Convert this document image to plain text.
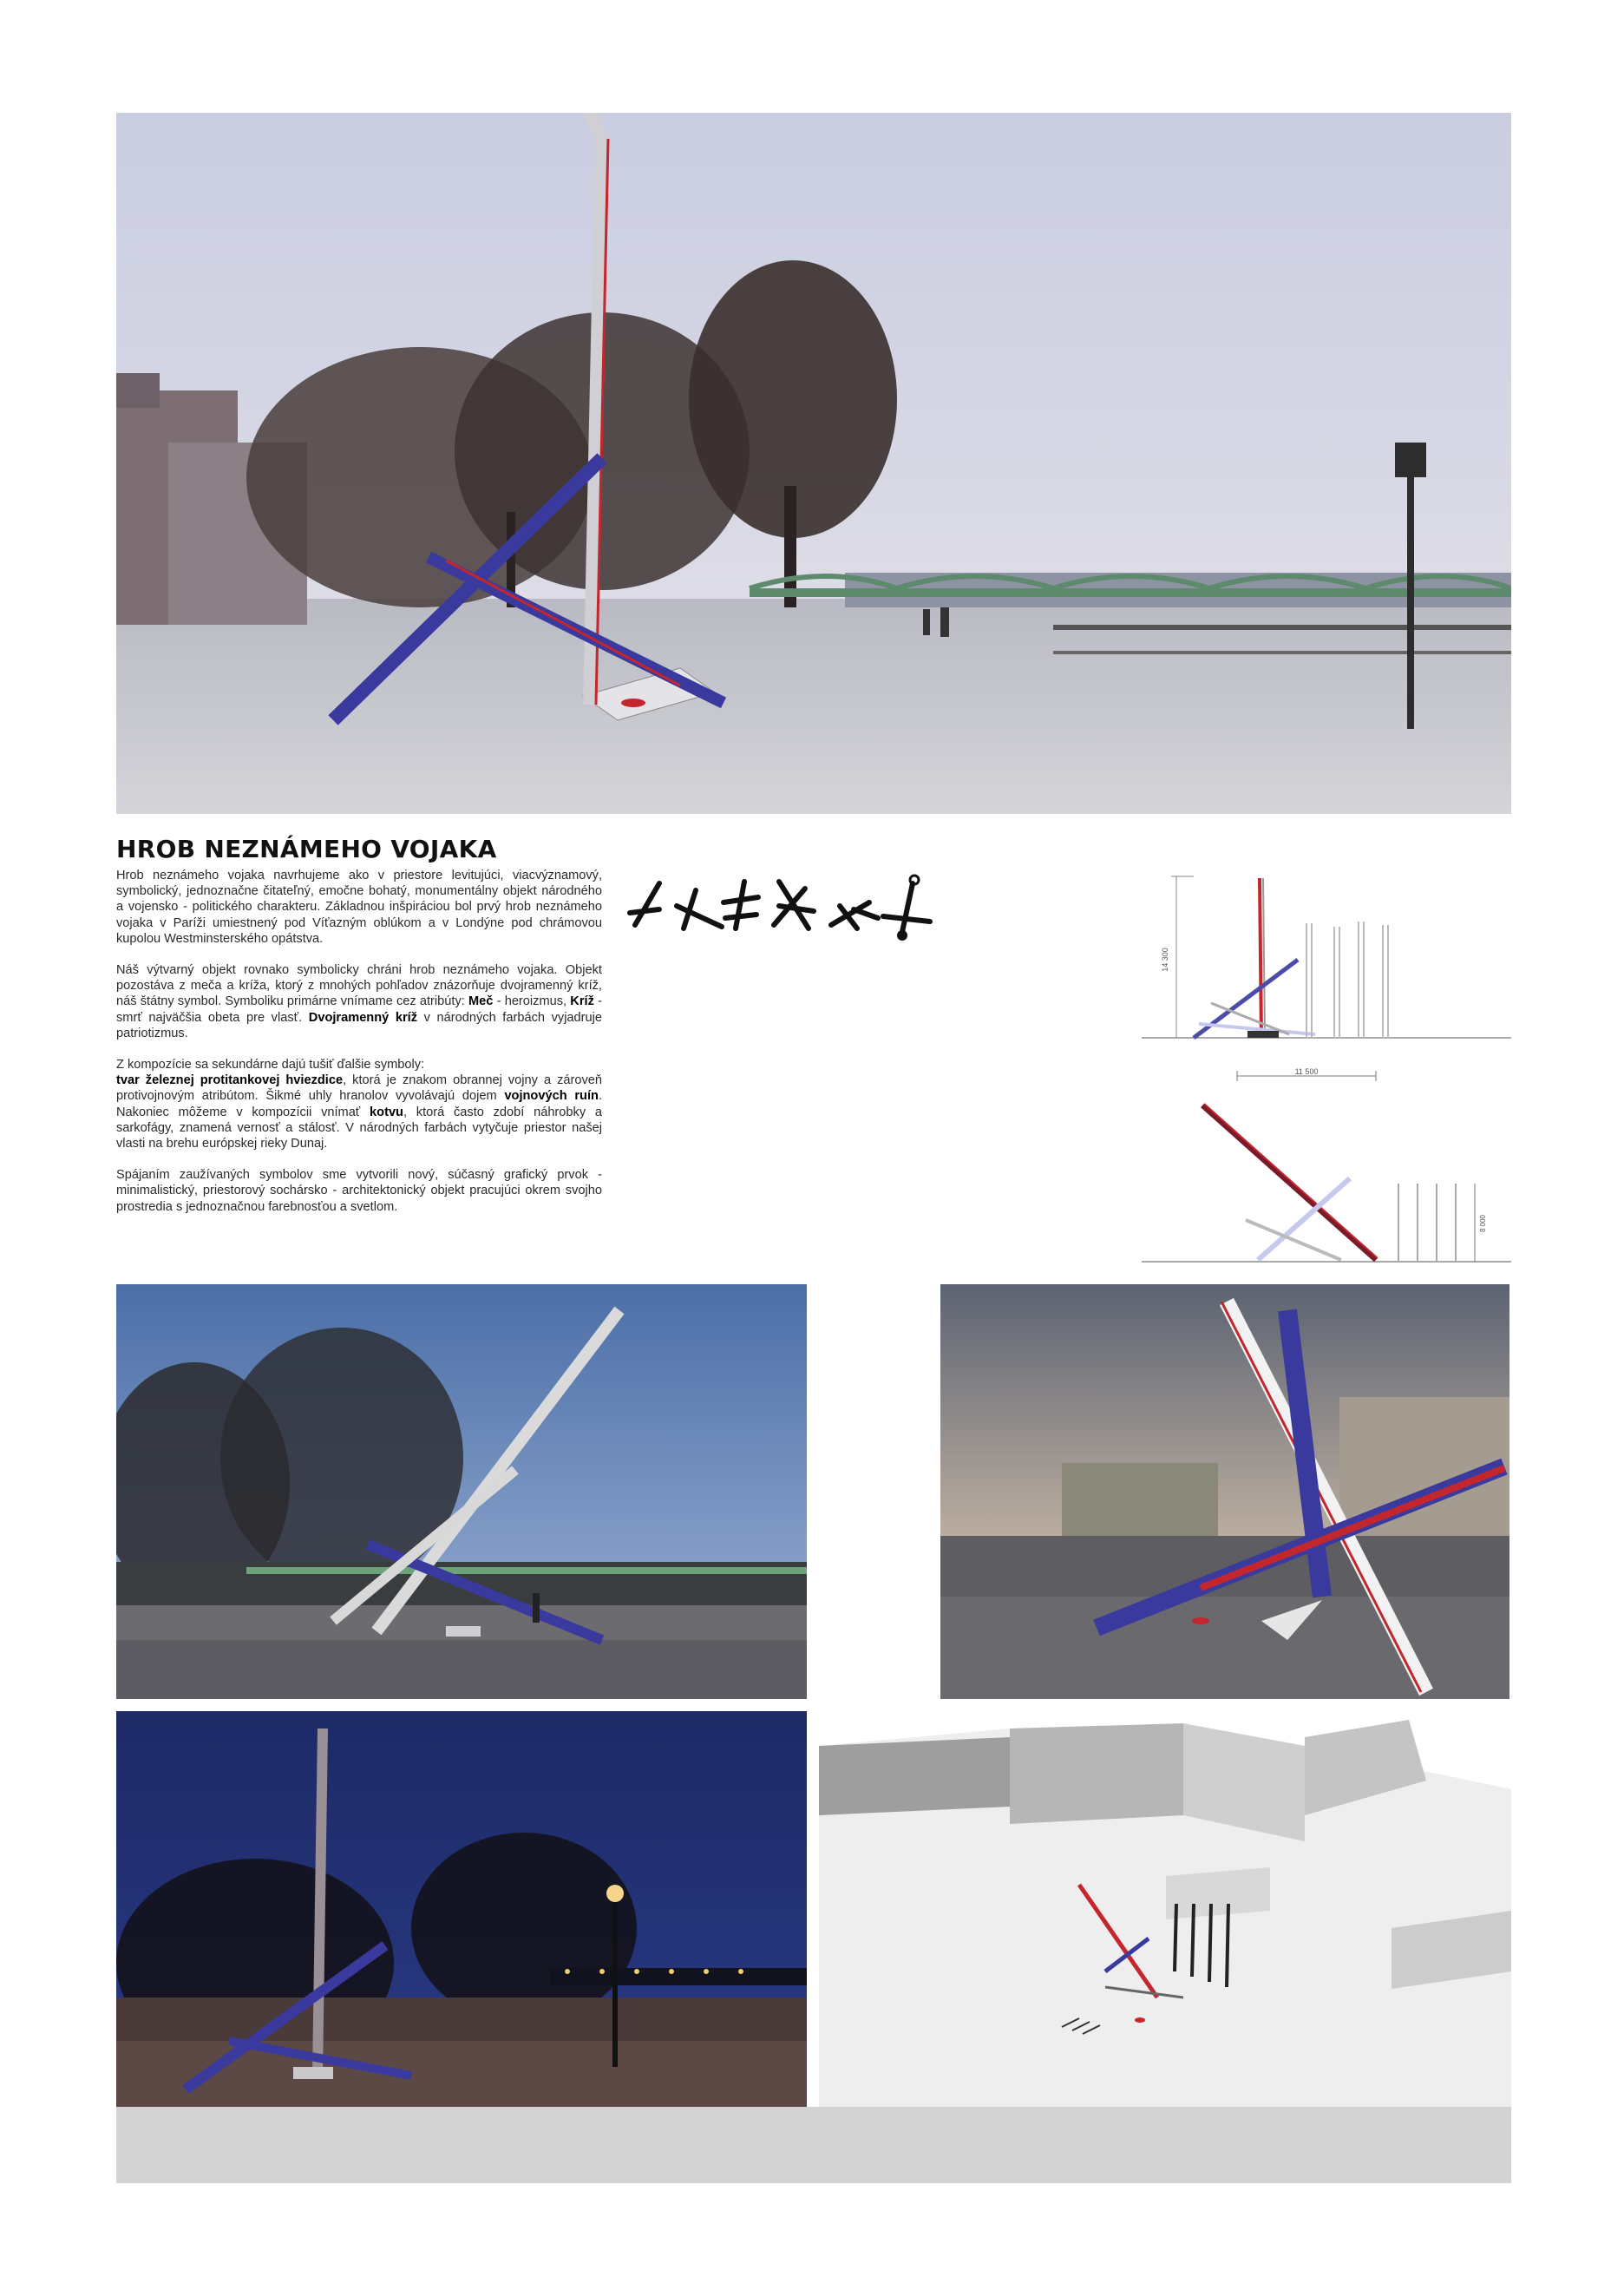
HROB NEZNÁMEHO VOJAKA

Hrob neznámeho vojaka navrhujeme ako v priestore levitujúci, viacvýznamový, symbolický, jednoznačne čitateľný, emočne bohatý, monumentálny objekt národného a vojensko - politického charakteru. Základnou inšpiráciou bol prvý hrob neznámeho vojaka v Paríži umiestnený pod Víťazným oblúkom a v Londýne pod chrámovou kupolou Westminsterského opátstva.

Náš výtvarný objekt rovnako symbolicky chráni hrob neznámeho vojaka. Objekt pozostáva z meča a kríža, ktorý z mnohých pohľadov znázorňuje dvojramenný kríž, náš štátny symbol. Symboliku primárne vnímame cez atribúty: Meč - heroizmus, Kríž - smrť najväčšia obeta pre vlasť. Dvojramenný kríž v národných farbách vyjadruje patriotizmus.

Z kompozície sa sekundárne dajú tušiť ďalšie symboly:
tvar železnej protitankovej hviezdice, ktorá je znakom obrannej vojny a zároveň protivojnovým atribútom. Šikmé uhly hranolov vyvolávajú dojem vojnových ruín. Nakoniec môžeme v kompozícii vnímať kotvu, ktorá často zdobí náhrobky a sarkofágy, znamená vernosť a stálosť. V národných farbách vytyčuje priestor našej vlasti na brehu európskej rieky Dunaj.

Spájaním zaužívaných symbolov sme vytvorili nový, súčasný grafický prvok - minimalistický, priestorový sochársko - architektonický objekt pracujúci okrem svojho prostredia s jednoznačnou farebnosťou a svetlom.

14 300
11 500
8 000
